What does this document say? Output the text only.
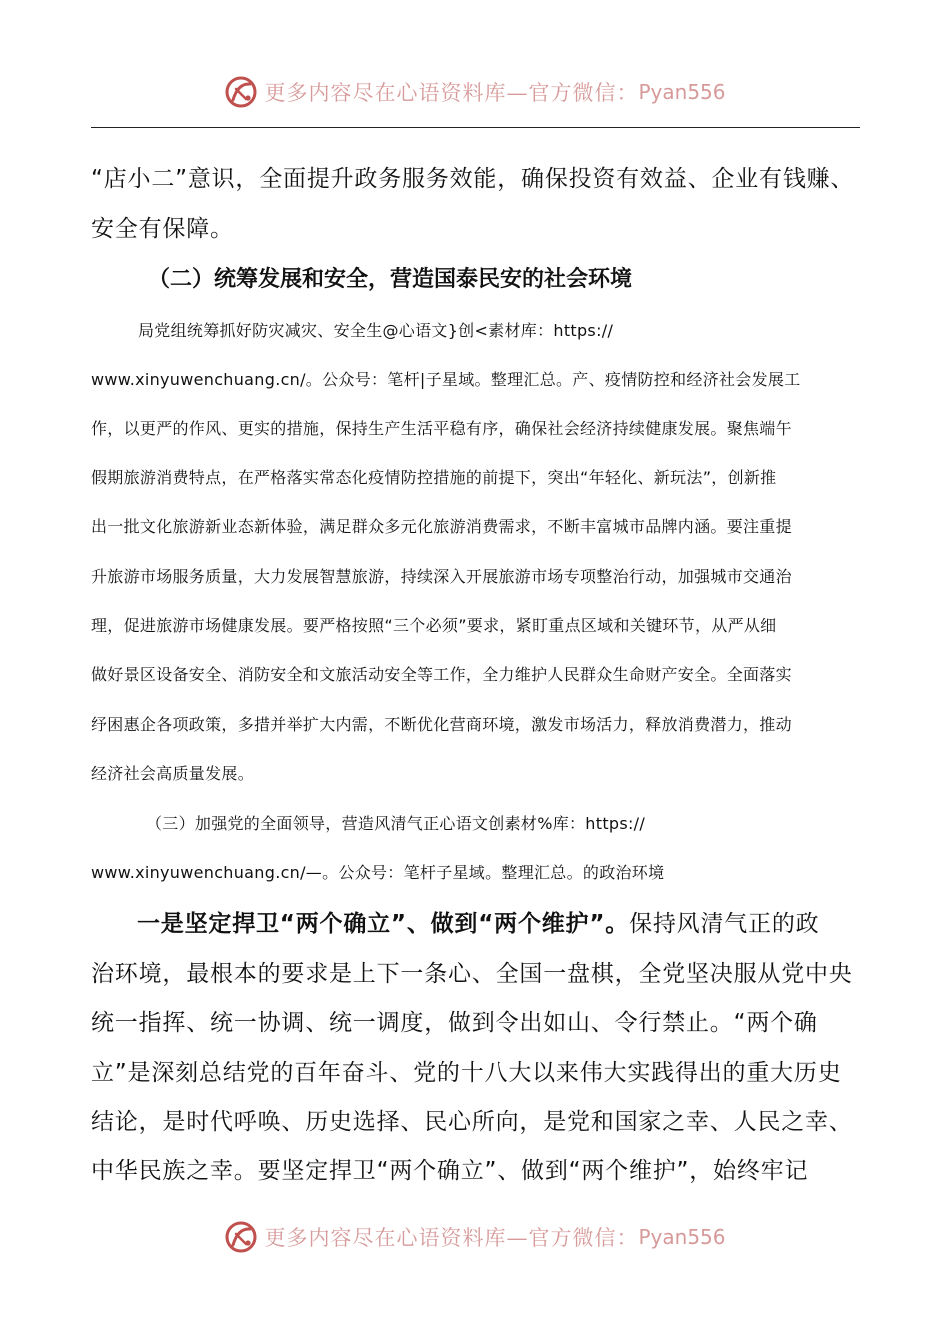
更多内容尽在心语资料库—官方微信： Pyan556
“店小二”意识，全面提升政务服务效能，确保投资有效益、企业有钱赚、
安全有保障。
（二）统筹发展和安全，营造国泰民安的社会环境
局党组统筹抓好防灾减灾、安全生@心语文}创<素材库：https://
www.xinyuwenchuang.cn/。公众号：笔杆|子星域。整理汇总。产、疫情防控和经济社会发展工
作，以更严的作风、更实的措施，保持生产生活平稳有序，确保社会经济持续健康发展。聚焦端午
假期旅游消费特点，在严格落实常态化疫情防控措施的前提下，突出“年轻化、新玩法”，创新推
出一批文化旅游新业态新体验，满足群众多元化旅游消费需求，不断丰富城市品牌内涵。要注重提
升旅游市场服务质量，大力发展智慧旅游，持续深入开展旅游市场专项整治行动，加强城市交通治
理，促进旅游市场健康发展。要严格按照“三个必须”要求，紧盯重点区域和关键环节，从严从细
做好景区设备安全、消防安全和文旅活动安全等工作，全力维护人民群众生命财产安全。全面落实
纾困惠企各项政策，多措并举扩大内需，不断优化营商环境，激发市场活力，释放消费潜力，推动
经济社会高质量发展。
（三）加强党的全面领导，营造风清气正心语文创素材%库：https://
www.xinyuwenchuang.cn/—。公众号：笔杆子星域。整理汇总。的政治环境
一是坚定捍卫“两个确立”、做到“两个维护”。保持风清气正的政
治环境，最根本的要求是上下一条心、全国一盘棋，全党坚决服从党中央
统一指挥、统一协调、统一调度，做到令出如山、令行禁止。“两个确
立”是深刻总结党的百年奋斗、党的十八大以来伟大实践得出的重大历史
结论，是时代呼唤、历史选择、民心所向，是党和国家之幸、人民之幸、
中华民族之幸。要坚定捍卫“两个确立”、做到“两个维护”，始终牢记
更多内容尽在心语资料库—官方微信： Pyan556
